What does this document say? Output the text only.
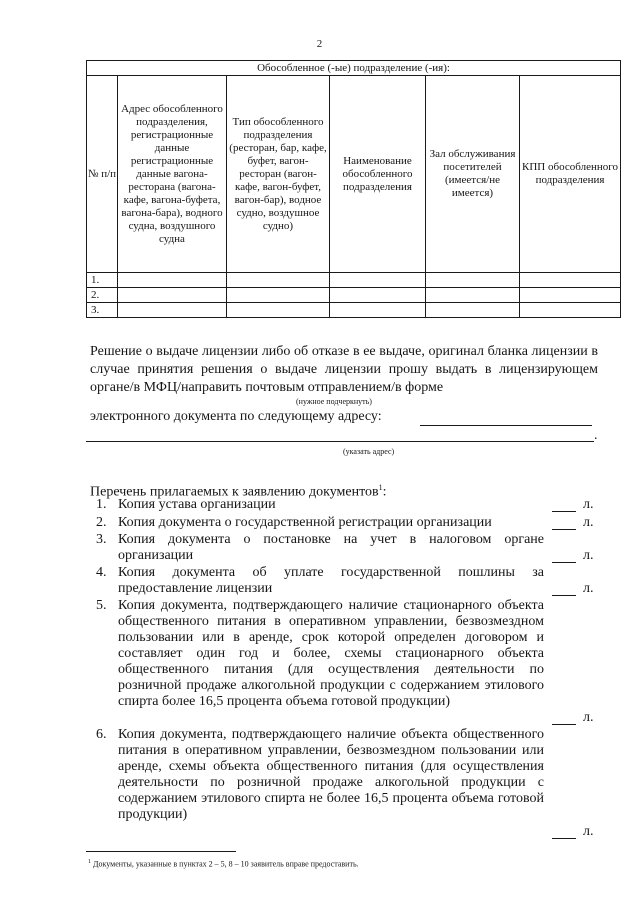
2
Обособленное (-ые) подразделение (-ия):					
№ п/п	Адрес обособленного подразделения, регистрационные данные регистрационные данные вагона-ресторана (вагона-кафе, вагона-буфета, вагона-бара), водного судна, воздушного судна	Тип обособленного подразделения (ресторан, бар, кафе, буфет, вагон-ресторан (вагон-кафе, вагон-буфет, вагон-бар), водное судно, воздушное судно)	Наименование обособленного подразделения	Зал обслуживания посетителей (имеется/не имеется)	КПП обособленного подразделения
1.					
2.					
3.					

Решение о выдаче лицензии либо об отказе в ее выдаче, оригинал бланка лицензии в случае принятия решения о выдаче лицензии прошу выдать в лицензирующем органе/в МФЦ/направить почтовым отправлением/в форме

(нужное подчеркнуть)
электронного документа по следующему адресу:
.
(указать адрес)
Перечень прилагаемых к заявлению документов$^1$:
1. Копия устава организации	л.
2. Копия документа о государственной регистрации организации	л.
3. Копия документа о постановке на учет в налоговом органе организации	л.
4. Копия документа об уплате государственной пошлины за предоставление лицензии	л.
5. Копия документа, подтверждающего наличие стационарного объекта общественного питания в оперативном управлении, безвозмездном пользовании или в аренде, срок которой определен договором и составляет один год и более, схемы стационарного объекта общественного питания (для осуществления деятельности по розничной продаже алкогольной продукции с содержанием этилового спирта более 16,5 процента объема готовой продукции)
л.
6. Копия документа, подтверждающего наличие объекта общественного питания в оперативном управлении, безвозмездном пользовании или аренде, схемы объекта общественного питания (для осуществления деятельности по розничной продаже алкогольной продукции с содержанием этилового спирта не более 16,5 процента объема готовой продукции)
л.
$^1$ Документы, указанные в пунктах 2 – 5, 8 – 10 заявитель вправе предоставить.
